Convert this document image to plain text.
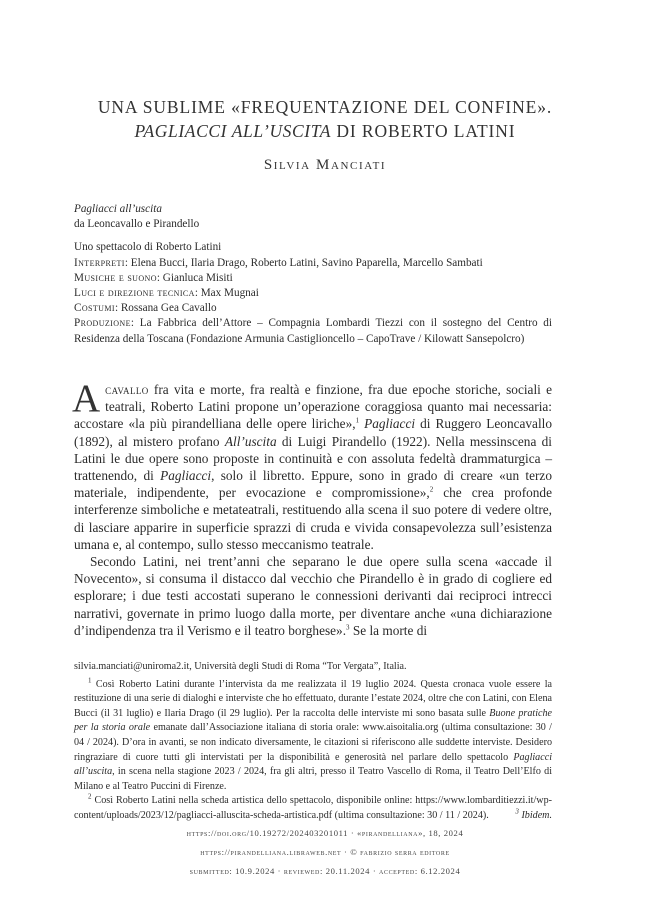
UNA SUBLIME «FREQUENTAZIONE DEL CONFINE».
PAGLIACCI ALL’USCITA DI ROBERTO LATINI
Silvia Manciati
Pagliacci all’uscita
da Leoncavallo e Pirandello
Uno spettacolo di Roberto Latini
Interpreti: Elena Bucci, Ilaria Drago, Roberto Latini, Savino Paparella, Marcello Sambati
Musiche e suono: Gianluca Misiti
Luci e direzione tecnica: Max Mugnai
Costumi: Rossana Gea Cavallo
Produzione: La Fabbrica dell’Attore – Compagnia Lombardi Tiezzi con il sostegno del Centro di Residenza della Toscana (Fondazione Armunia Castiglioncello – CapoTrave / Kilowatt Sansepolcro)

Acavallo fra vita e morte, fra realtà e finzione, fra due epoche storiche, sociali e teatrali, Roberto Latini propone un’operazione coraggiosa quanto mai necessaria: accostare «la più pirandelliana delle opere liriche»,$^1$ Pagliacci di Ruggero Leoncavallo (1892), al mistero profano All’uscita di Luigi Pirandello (1922). Nella messinscena di Latini le due opere sono proposte in continuità e con assoluta fedeltà drammaturgica – trattenendo, di Pagliacci, solo il libretto. Eppure, sono in grado di creare «un terzo materiale, indipendente, per evocazione e compromissione»,$^2$ che crea profonde interferenze simboliche e metateatrali, restituendo alla scena il suo potere di vedere oltre, di lasciare apparire in superficie sprazzi di cruda e vivida consapevolezza sull’esistenza umana e, al contempo, sullo stesso meccanismo teatrale.

Secondo Latini, nei trent’anni che separano le due opere sulla scena «accade il Novecento», si consuma il distacco dal vecchio che Pirandello è in grado di cogliere ed esplorare; i due testi accostati superano le connessioni derivanti dai reciproci intrecci narrativi, governate in primo luogo dalla morte, per diventare anche «una dichiarazione d’indipendenza tra il Verismo e il teatro borghese».$^3$ Se la morte di

silvia.manciati@uniroma2.it, Università degli Studi di Roma “Tor Vergata”, Italia.

$^1$ Così Roberto Latini durante l’intervista da me realizzata il 19 luglio 2024. Questa cronaca vuole essere la restituzione di una serie di dialoghi e interviste che ho effettuato, durante l’estate 2024, oltre che con Latini, con Elena Bucci (il 31 luglio) e Ilaria Drago (il 29 luglio). Per la raccolta delle interviste mi sono basata sulle Buone pratiche per la storia orale emanate dall’Associazione italiana di storia orale: www.aisoitalia.org (ultima consultazione: 30 / 04 / 2024). D’ora in avanti, se non indicato diversamente, le citazioni si riferiscono alle suddette interviste. Desidero ringraziare di cuore tutti gli intervistati per la disponibilità e generosità nel parlare dello spettacolo Pagliacci all’uscita, in scena nella stagione 2023 / 2024, fra gli altri, presso il Teatro Vascello di Roma, il Teatro Dell’Elfo di Milano e al Teatro Puccini di Firenze.

$^2$ Così Roberto Latini nella scheda artistica dello spettacolo, disponibile online: https://www.lombarditiezzi.it/wp-content/uploads/2023/12/pagliacci-alluscita-scheda-artistica.pdf (ultima consultazione: 30 / 11 / 2024).	$^3$ Ibidem.

https://doi.org/10.19272/202403201011 · «pirandelliana», 18, 2024
https://pirandelliana.libraweb.net · © fabrizio serra editore
submitted: 10.9.2024 · reviewed: 20.11.2024 · accepted: 6.12.2024
